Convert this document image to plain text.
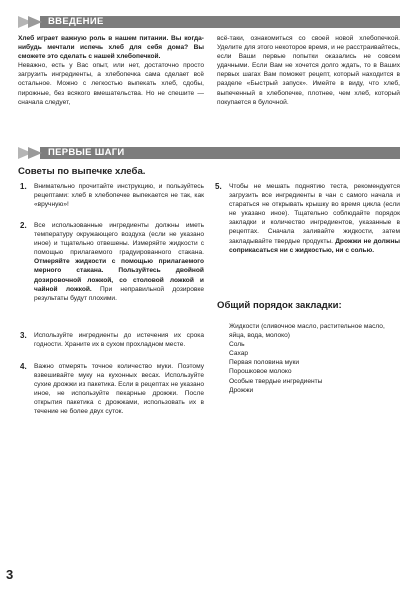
ВВЕДЕНИЕ

Хлеб играет важную роль в нашем питании. Вы когда-нибудь мечтали испечь хлеб для себя дома? Вы сможете это сделать с нашей хлебопечкой.

Неважно, есть у Вас опыт, или нет, достаточно просто загрузить ингредиенты, а хлебопечка сама сделает всё остальное. Можно с легкостью выпекать хлеб, сдобы, пирожные, без всякого вмешательства. Но не спешите — сначала следует,

всё-таки, ознакомиться со своей новой хлебопечкой. Уделите для этого некоторое время, и не расстраивайтесь, если Ваши первые попытки оказались не совсем удачными. Если Вам не хочется долго ждать, то в Ваших первых шагах Вам поможет рецепт, который находится в разделе «Быстрый запуск». Имейте в виду, что хлеб, выпеченный в хлебопечке, плотнее, чем хлеб, который покупается в булочной.

ПЕРВЫЕ ШАГИ
Советы по выпечке хлеба.
1.	Внимательно прочитайте инструкцию, и пользуйтесь рецептами: хлеб в хлебопечке выпекается не так, как «вручную»!
2.	Все использованные ингредиенты должны иметь температуру окружающего воздуха (если не указано иное) и тщательно отвешены. Измеряйте жидкости с помощью прилагаемого градуированного стакана. Отмеряйте жидкости с помощью прилагаемого мерного стакана. Пользуйтесь двойной дозировочной ложкой, со столовой ложкой и чайной ложкой. При неправильной дозировке результаты будут плохими.
3.	Используйте ингредиенты до истечения их срока годности. Храните их в сухом прохладном месте.
4.	Важно отмерять точное количество муки. Поэтому взвешивайте муку на кухонных весах. Используйте сухие дрожжи из пакетика. Если в рецептах не указано иное, не используйте пекарные дрожжи. После открытия пакетика с дрожжами, использовать их в течение не более двух суток.
5.	Чтобы не мешать поднятию теста, рекомендуется загрузить все ингредиенты в чан с самого начала и стараться не открывать крышку во время цикла (если не указано иное). Тщательно соблюдайте порядок закладки и количество ингредиентов, указанные в рецептах. Сначала заливайте жидкости, затем закладывайте твердые продукты. Дрожжи не должны соприкасаться ни с жидкостью, ни с солью.
Общий порядок закладки:

Жидкости (сливочное масло, растительное масло, яйца, вода, молоко)

Соль

Сахар

Первая половина муки

Порошковое молоко

Особые твердые ингредиенты

Дрожжи

3
